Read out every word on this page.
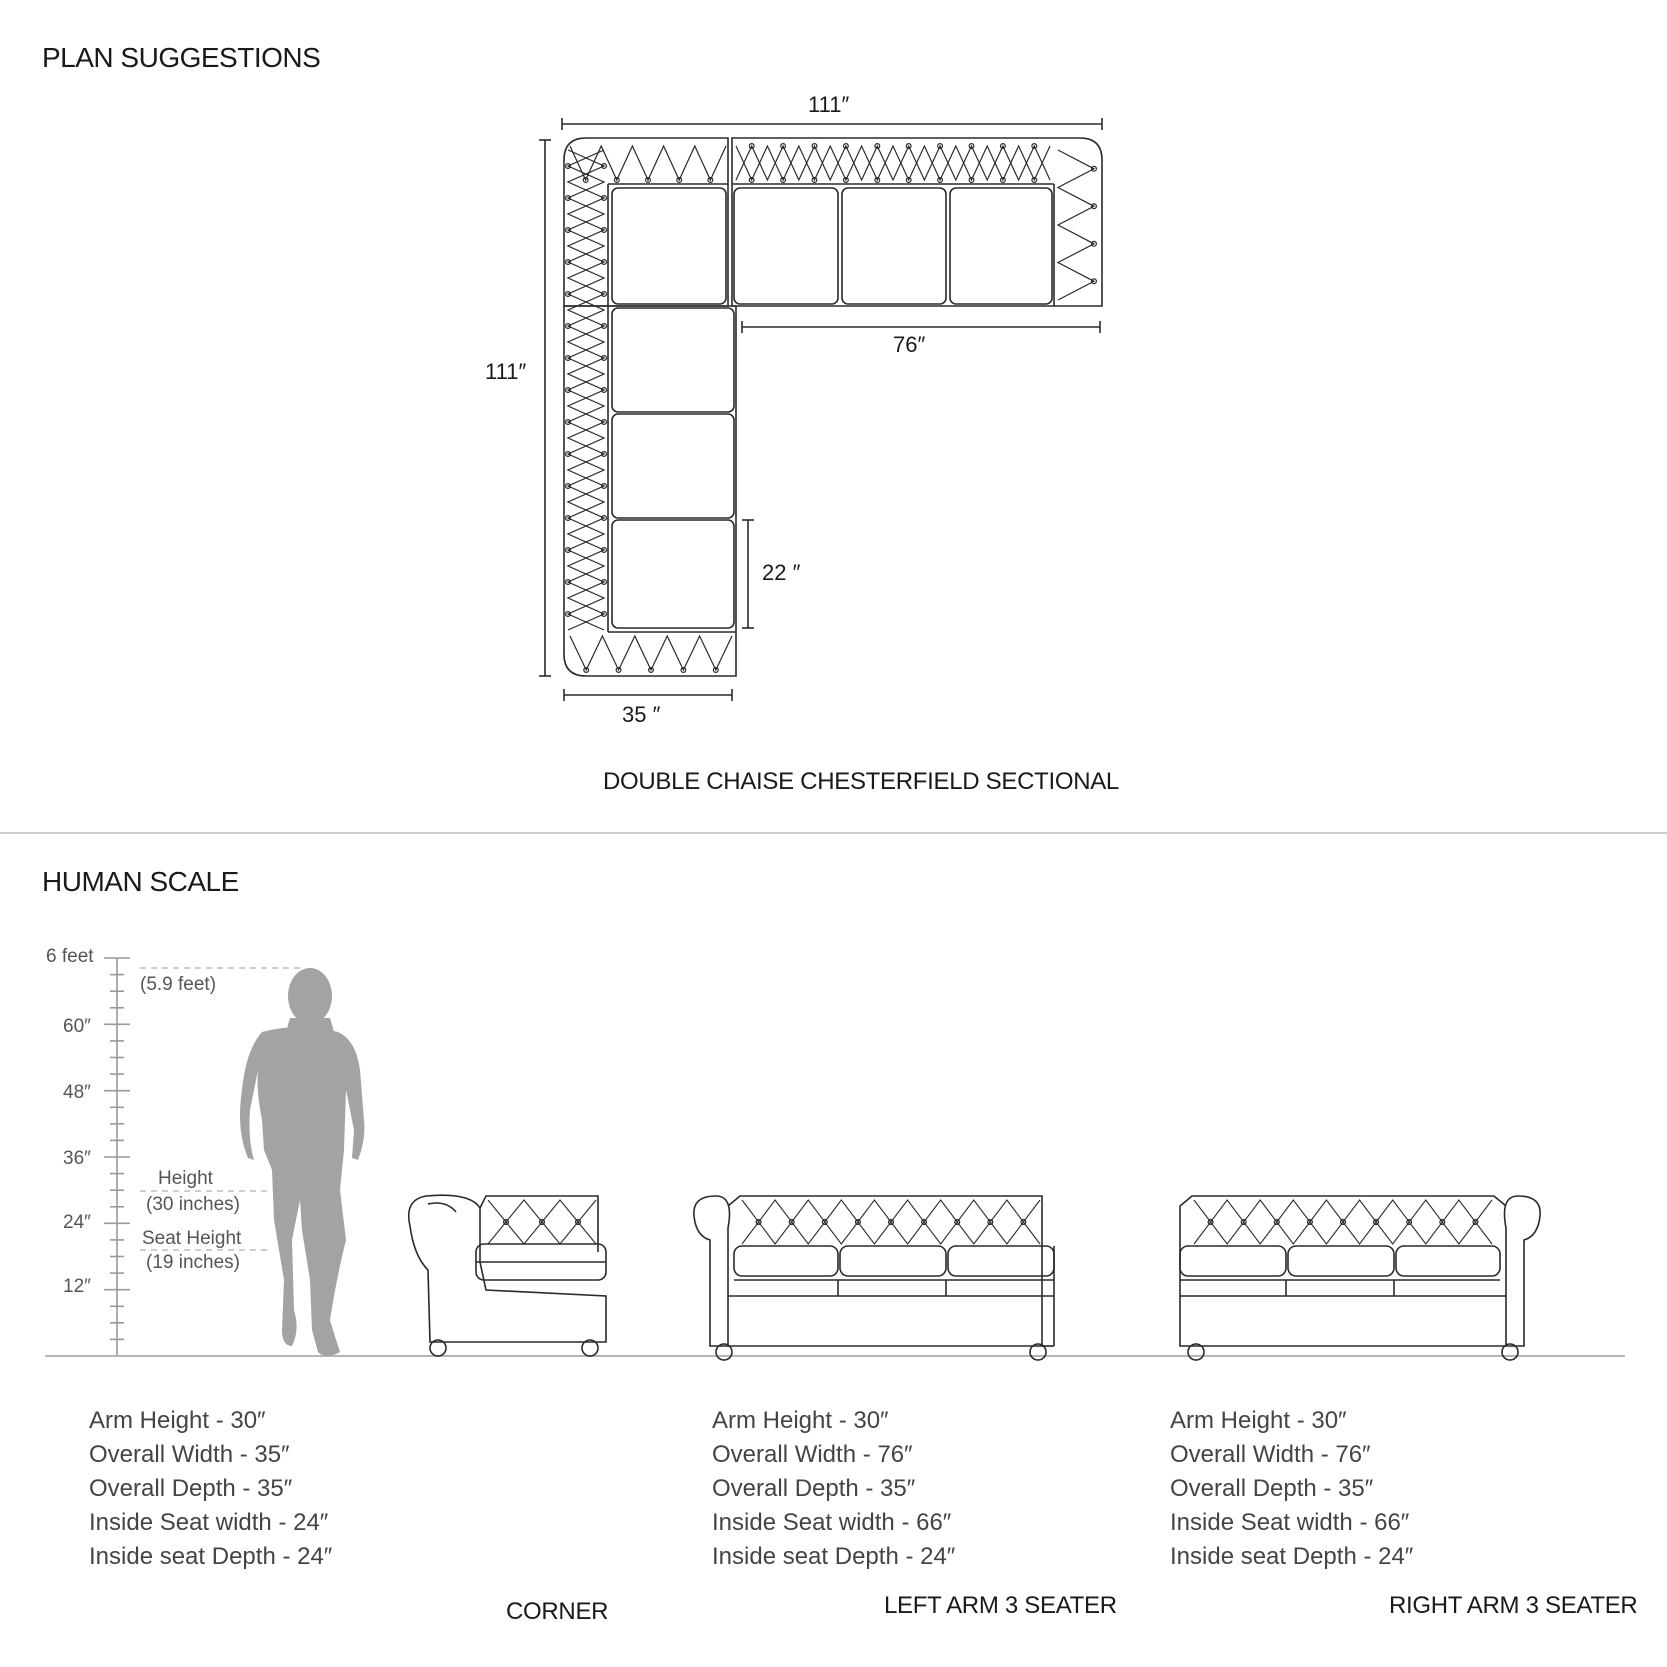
PLAN SUGGESTIONS
111″
111″
76″
22 ″
35 ″
DOUBLE CHAISE CHESTERFIELD SECTIONAL
HUMAN SCALE
6 feet
60″
48″
36″
24″
12″
(5.9 feet)
Height
(30 inches)
Seat Height
(19 inches)
Arm Height - 30″
Overall Width - 35″
Overall Depth - 35″
Inside Seat width - 24″
Inside seat Depth - 24″
Arm Height - 30″
Overall Width - 76″
Overall Depth - 35″
Inside Seat width - 66″
Inside seat Depth - 24″
Arm Height - 30″
Overall Width - 76″
Overall Depth - 35″
Inside Seat width - 66″
Inside seat Depth - 24″
CORNER	LEFT ARM 3 SEATER	RIGHT ARM 3 SEATER
